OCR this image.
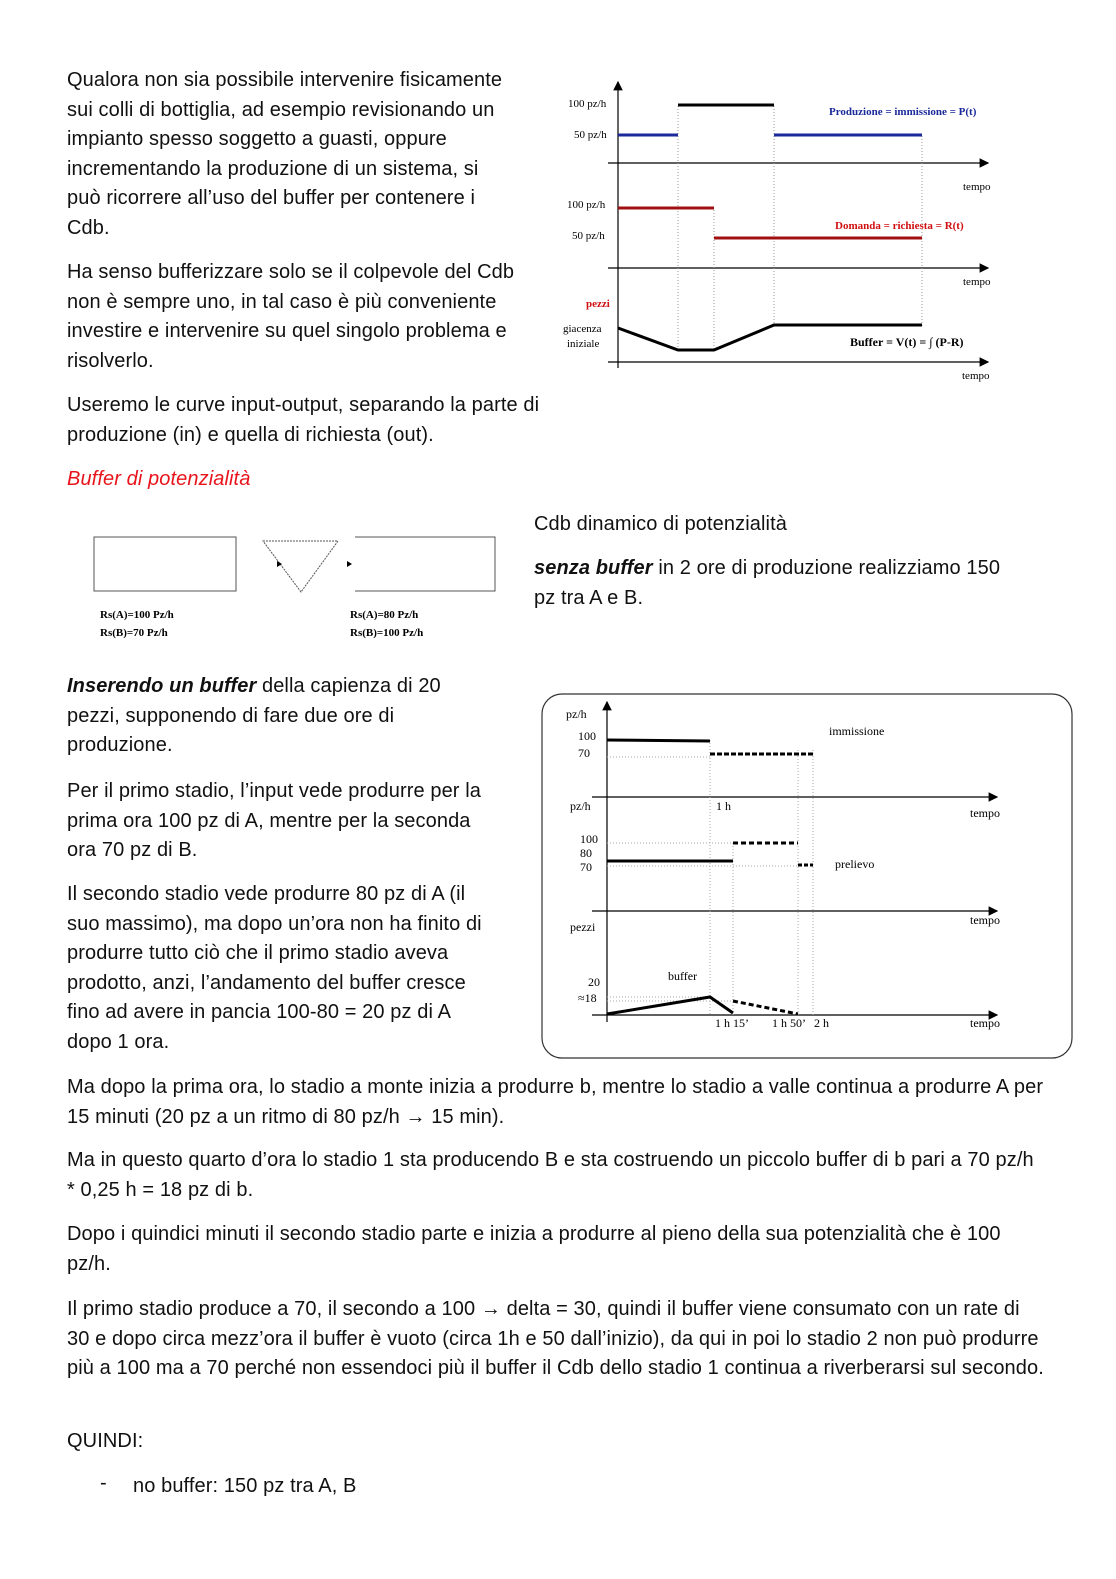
Qualora non sia possibile intervenire fisicamente sui colli di bottiglia, ad esempio revisionando un impianto spesso soggetto a guasti, oppure incrementando la produzione di un sistema, si può ricorrere all’uso del buffer per contenere i Cdb.

Ha senso bufferizzare solo se il colpevole del Cdb non è sempre uno, in tal caso è più conveniente investire e intervenire su quel singolo problema e risolverlo.

Useremo le curve input-output, separando la parte di produzione (in) e quella di richiesta (out).

Buffer di potenzialità

Cdb dinamico di potenzialità

senza buffer in 2 ore di produzione realizziamo 150 pz tra A e B.

Inserendo un buffer della capienza di 20 pezzi, supponendo di fare due ore di produzione.

Per il primo stadio, l’input vede produrre per la prima ora 100 pz di A, mentre per la seconda ora 70 pz di B.

Il secondo stadio vede produrre 80 pz di A (il suo massimo), ma dopo un’ora non ha finito di produrre tutto ciò che il primo stadio aveva prodotto, anzi, l’andamento del buffer cresce fino ad avere in pancia 100-80 = 20 pz di A dopo 1 ora.

Ma dopo la prima ora, lo stadio a monte inizia a produrre b, mentre lo stadio a valle continua a produrre A per 15 minuti (20 pz a un ritmo di 80 pz/h → 15 min).

Ma in questo quarto d’ora lo stadio 1 sta producendo B e sta costruendo un piccolo buffer di b pari a 70 pz/h * 0,25 h = 18 pz di b.

Dopo i quindici minuti il secondo stadio parte e inizia a produrre al pieno della sua potenzialità che è 100 pz/h.

Il primo stadio produce a 70, il secondo a 100 → delta = 30, quindi il buffer viene consumato con un rate di 30 e dopo circa mezz’ora il buffer è vuoto (circa 1h e 50 dall’inizio), da qui in poi lo stadio 2 non può produrre più a 100 ma a 70 perché non essendoci più il buffer il Cdb dello stadio 1 continua a riverberarsi sul secondo.

QUINDI:

- no buffer: 150 pz tra A, B

100 pz/h
50 pz/h
Produzione = immissione = P(t)
tempo
100 pz/h
50 pz/h
Domanda = richiesta = R(t)
tempo
pezzi
giacenza
iniziale	Buffer = V(t) = ∫ (P-R)
tempo
Rs(A)=100 Pz/h
Rs(B)=70 Pz/h
Rs(A)=80 Pz/h
Rs(B)=100 Pz/h
pz/h
100
70
immissione
pz/h	1 h	tempo
100
80
70	prelievo
tempo
pezzi
buffer
20
≈18
1 h 15’ 1 h 50’ 2 h	tempo
